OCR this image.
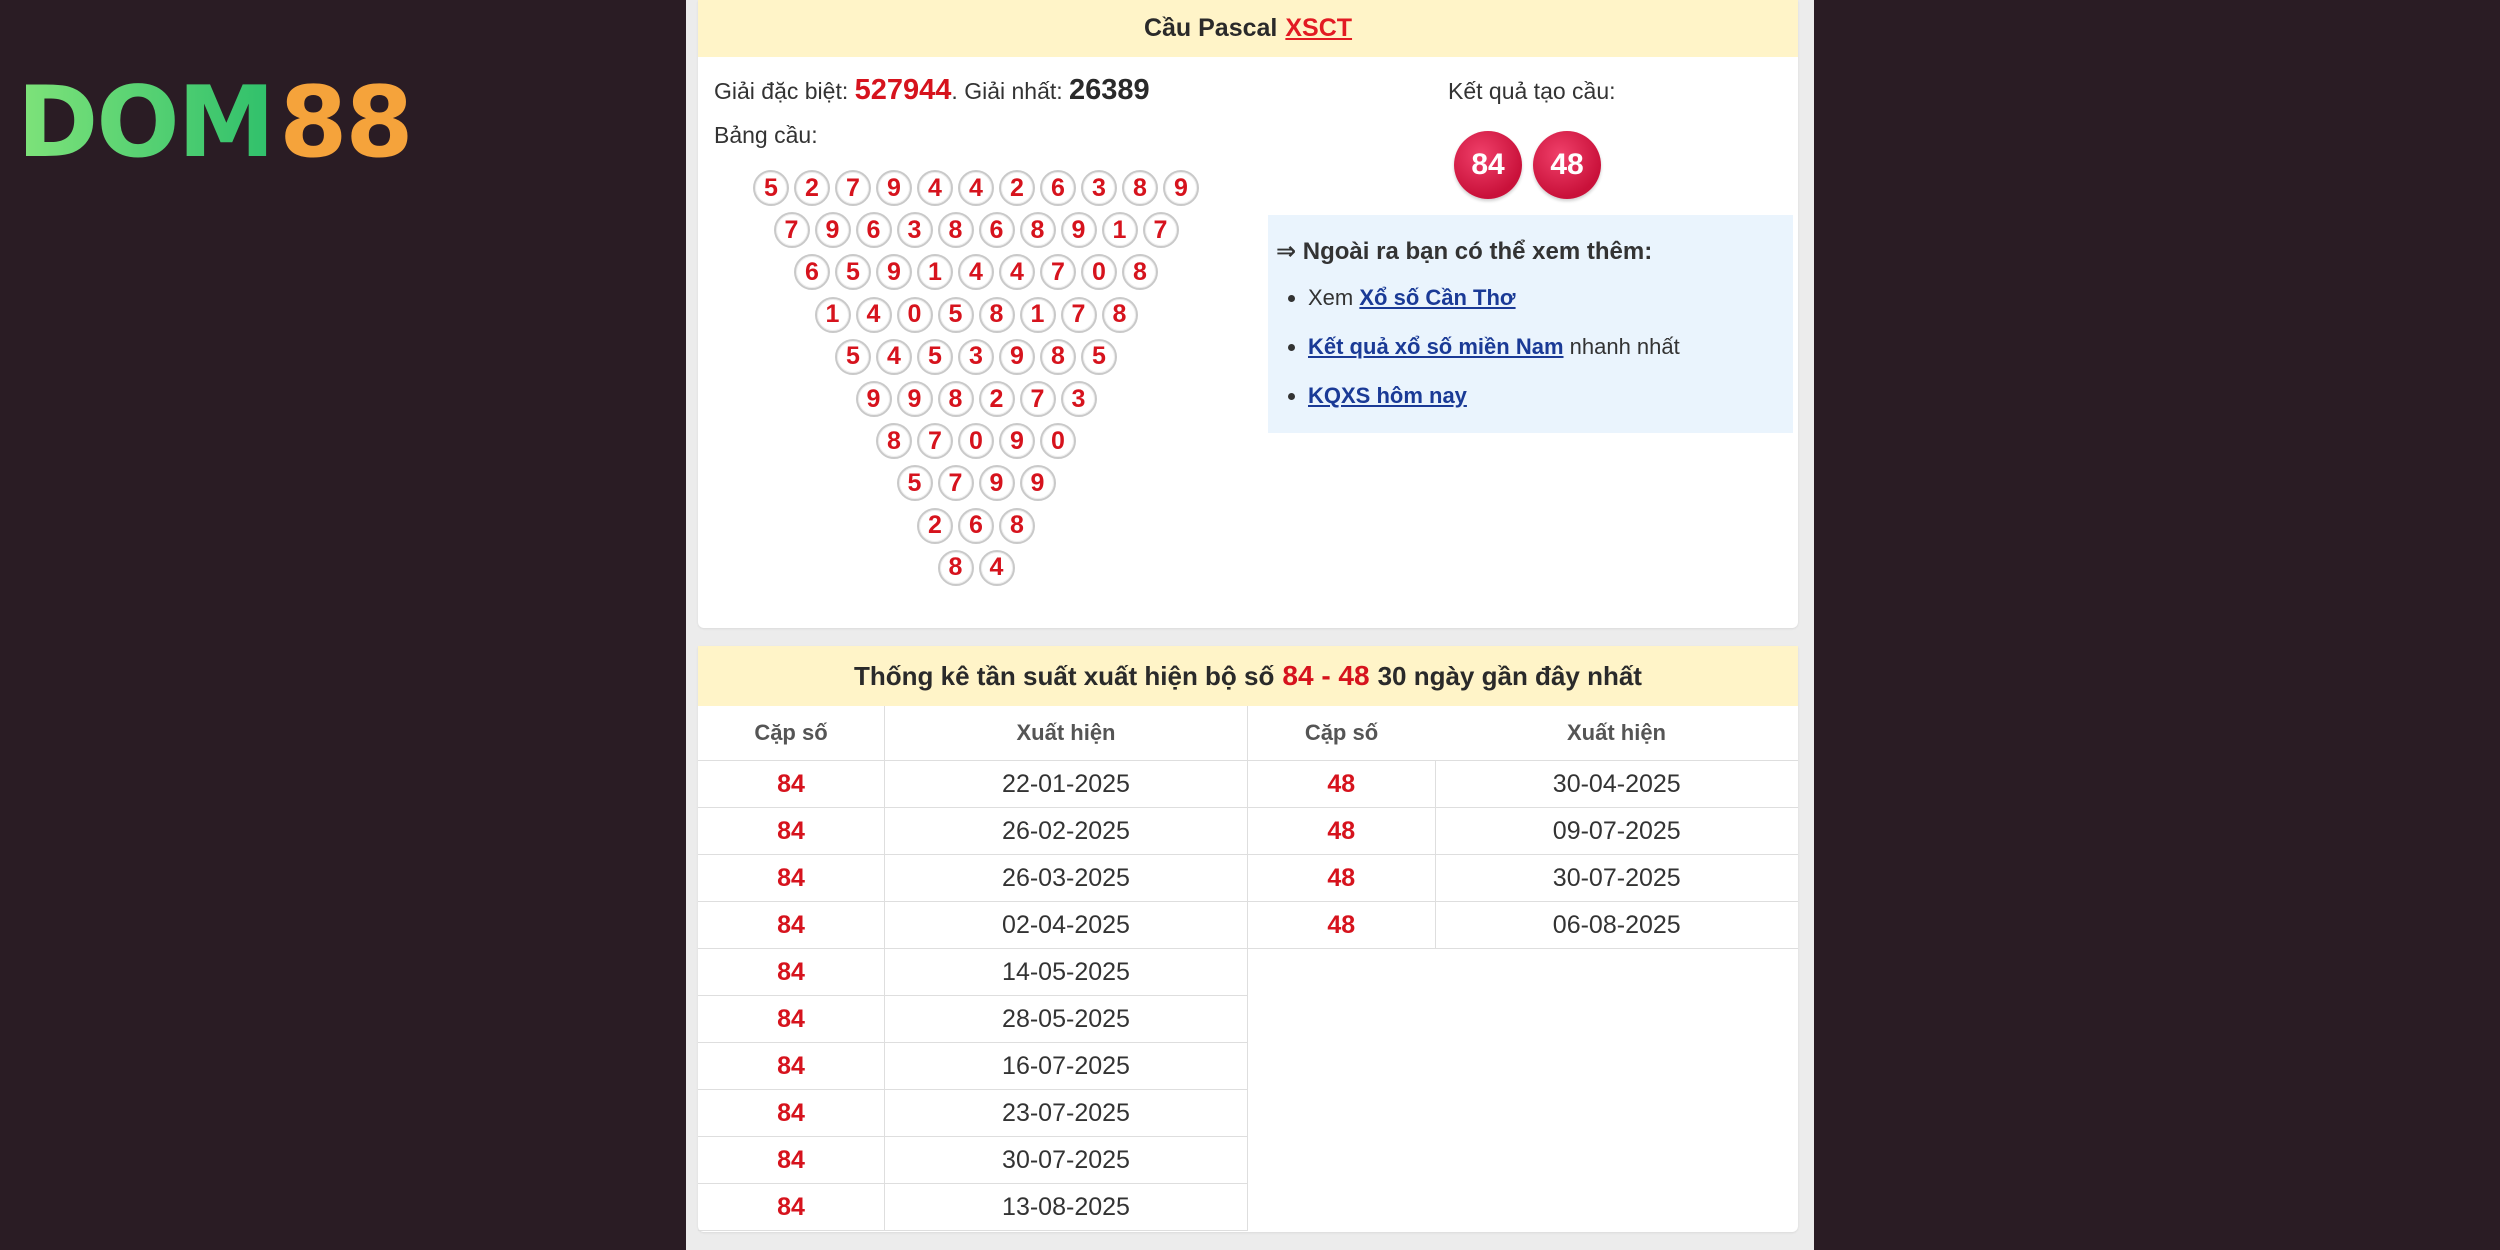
DOM 88
Cầu Pascal XSCT
Giải đặc biệt: 527944. Giải nhất: 26389
Bảng cầu:
5	2	7	9	4	4	2	6	3	8	9
7	9	6	3	8	6	8	9	1	7
6	5	9	1	4	4	7	0	8
1	4	0	5	8	1	7	8
5	4	5	3	9	8	5
9	9	8	2	7	3
8	7	0	9	0
5	7	9	9
2	6	8
8	4
Kết quả tạo cầu:
84	48
⇒ Ngoài ra bạn có thể xem thêm:
• Xem Xổ số Cần Thơ
• Kết quả xổ số miền Nam nhanh nhất
• KQXS hôm nay
Thống kê tần suất xuất hiện bộ số 84 - 48 30 ngày gần đây nhất
Cặp số	Xuất hiện
84	22-01-2025
84	26-02-2025
84	26-03-2025
84	02-04-2025
84	14-05-2025
84	28-05-2025
84	16-07-2025
84	23-07-2025
84	30-07-2025
84	13-08-2025
Cặp số	Xuất hiện
48	30-04-2025
48	09-07-2025
48	30-07-2025
48	06-08-2025
